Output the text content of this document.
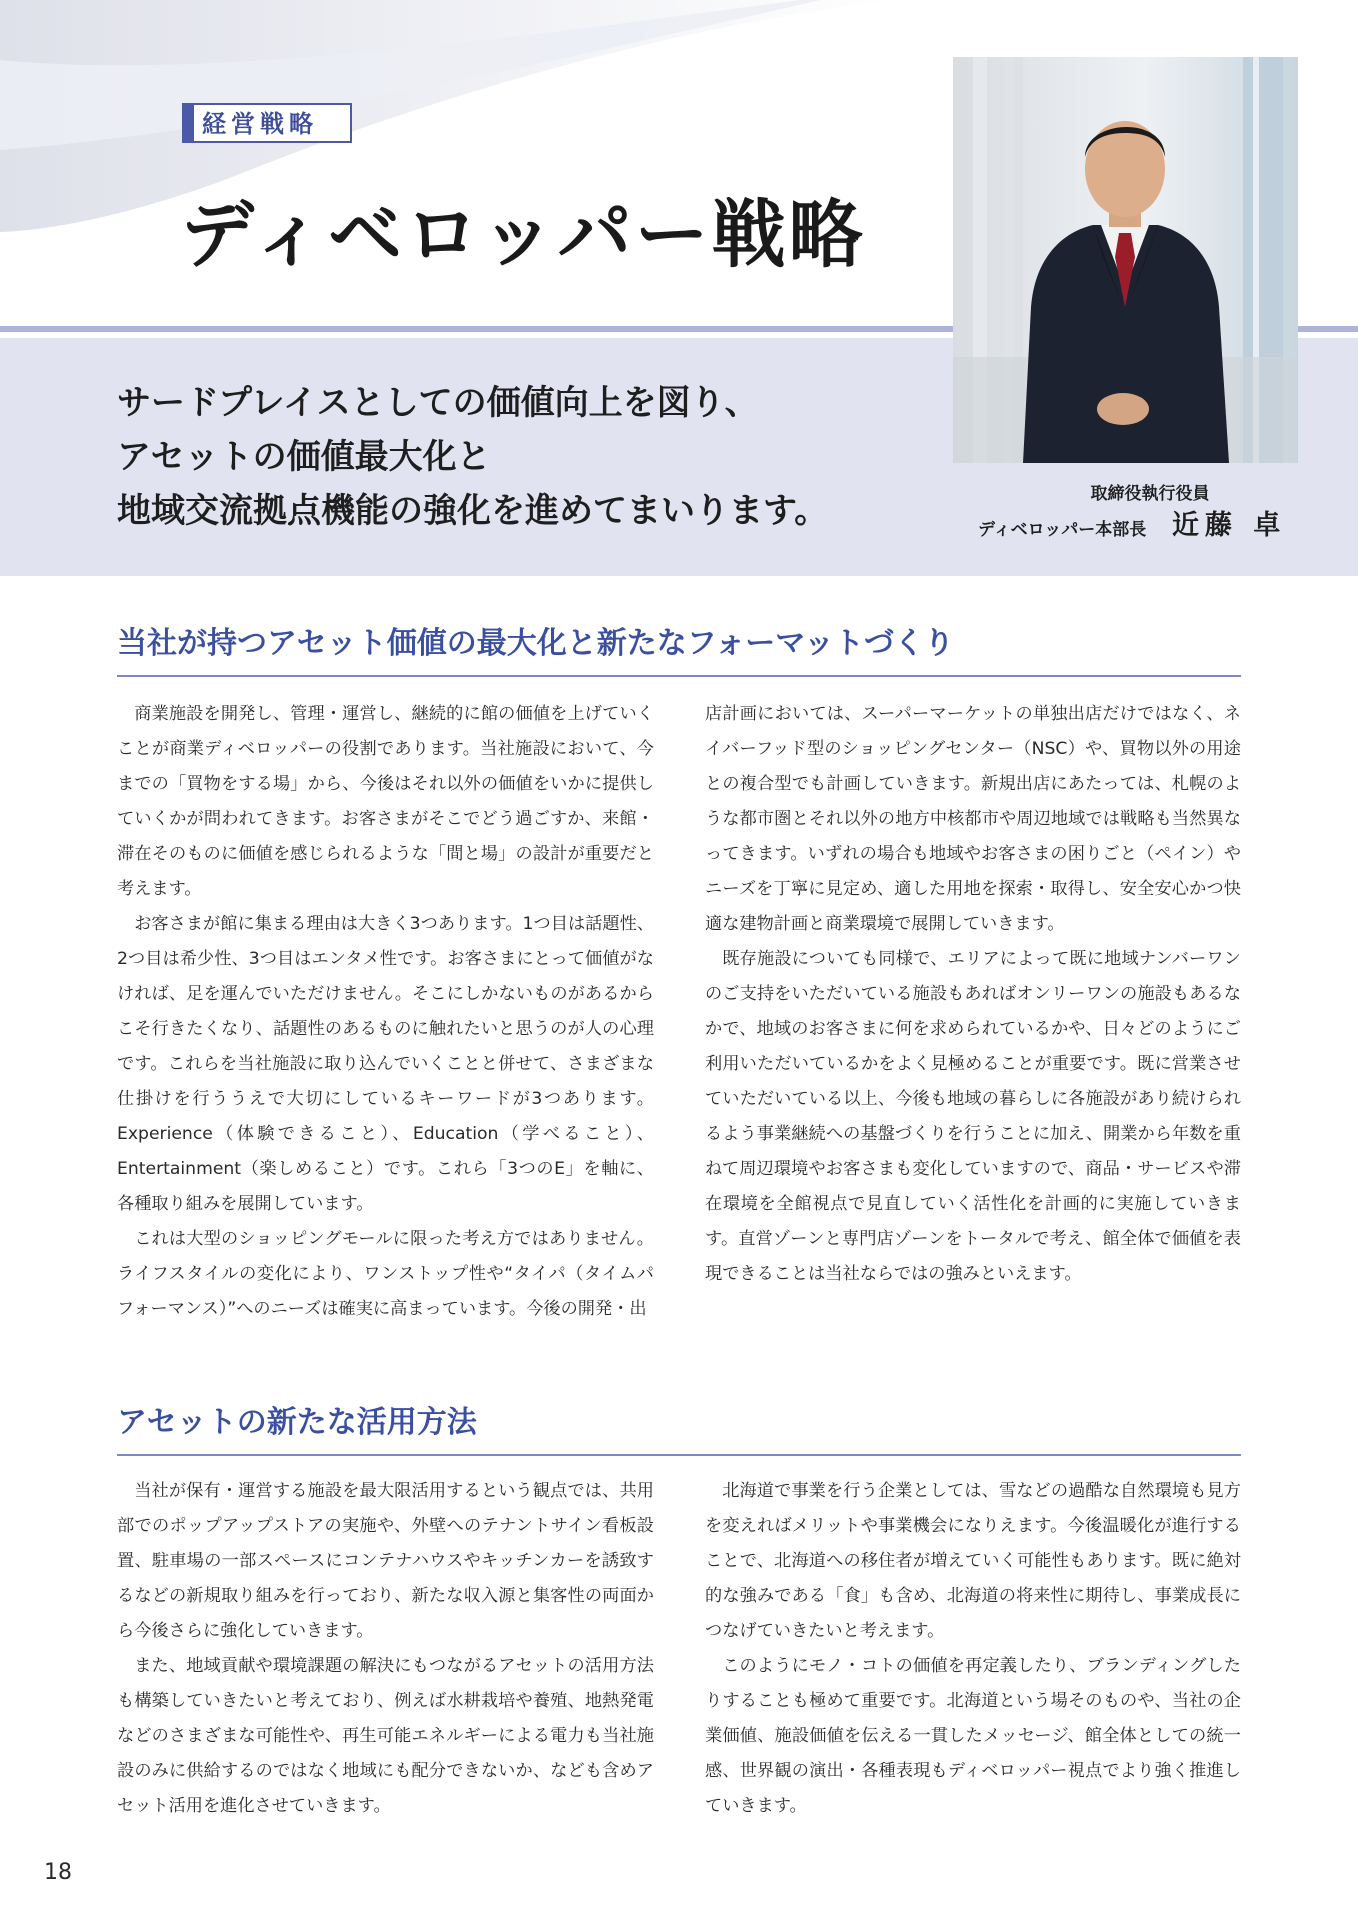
経営戦略
ディベロッパー戦略
サードプレイスとしての価値向上を図り、
アセットの価値最大化と
地域交流拠点機能の強化を進めてまいります。	取締役執行役員
ディベロッパー本部長 近藤 卓
当社が持つアセット価値の最大化と新たなフォーマットづくり

商業施設を開発し、管理・運営し、継続的に館の価値を上げていくことが商業ディベロッパーの役割であります。当社施設において、今までの「買物をする場」から、今後はそれ以外の価値をいかに提供していくかが問われてきます。お客さまがそこでどう過ごすか、来館・滞在そのものに価値を感じられるような「間と場」の設計が重要だと考えます。

お客さまが館に集まる理由は大きく3つあります。1つ目は話題性、2つ目は希少性、3つ目はエンタメ性です。お客さまにとって価値がなければ、足を運んでいただけません。そこにしかないものがあるからこそ行きたくなり、話題性のあるものに触れたいと思うのが人の心理です。これらを当社施設に取り込んでいくことと併せて、さまざまな仕掛けを行ううえで大切にしているキーワードが3つあります。Experience（体験できること）、Education（学べること）、Entertainment（楽しめること）です。これら「3つのE」を軸に、各種取り組みを展開しています。

これは大型のショッピングモールに限った考え方ではありません。ライフスタイルの変化により、ワンストップ性や“タイパ（タイムパフォーマンス）”へのニーズは確実に高まっています。今後の開発・出

店計画においては、スーパーマーケットの単独出店だけではなく、ネイバーフッド型のショッピングセンター（NSC）や、買物以外の用途との複合型でも計画していきます。新規出店にあたっては、札幌のような都市圏とそれ以外の地方中核都市や周辺地域では戦略も当然異なってきます。いずれの場合も地域やお客さまの困りごと（ペイン）やニーズを丁寧に見定め、適した用地を探索・取得し、安全安心かつ快適な建物計画と商業環境で展開していきます。

既存施設についても同様で、エリアによって既に地域ナンバーワンのご支持をいただいている施設もあればオンリーワンの施設もあるなかで、地域のお客さまに何を求められているかや、日々どのようにご利用いただいているかをよく見極めることが重要です。既に営業させていただいている以上、今後も地域の暮らしに各施設があり続けられるよう事業継続への基盤づくりを行うことに加え、開業から年数を重ねて周辺環境やお客さまも変化していますので、商品・サービスや滞在環境を全館視点で見直していく活性化を計画的に実施していきます。直営ゾーンと専門店ゾーンをトータルで考え、館全体で価値を表現できることは当社ならではの強みといえます。

アセットの新たな活用方法

当社が保有・運営する施設を最大限活用するという観点では、共用部でのポップアップストアの実施や、外壁へのテナントサイン看板設置、駐車場の一部スペースにコンテナハウスやキッチンカーを誘致するなどの新規取り組みを行っており、新たな収入源と集客性の両面から今後さらに強化していきます。

また、地域貢献や環境課題の解決にもつながるアセットの活用方法も構築していきたいと考えており、例えば水耕栽培や養殖、地熱発電などのさまざまな可能性や、再生可能エネルギーによる電力も当社施設のみに供給するのではなく地域にも配分できないか、なども含めアセット活用を進化させていきます。

北海道で事業を行う企業としては、雪などの過酷な自然環境も見方を変えればメリットや事業機会になりえます。今後温暖化が進行することで、北海道への移住者が増えていく可能性もあります。既に絶対的な強みである「食」も含め、北海道の将来性に期待し、事業成長につなげていきたいと考えます。

このようにモノ・コトの価値を再定義したり、ブランディングしたりすることも極めて重要です。北海道という場そのものや、当社の企業価値、施設価値を伝える一貫したメッセージ、館全体としての統一感、世界観の演出・各種表現もディベロッパー視点でより強く推進していきます。

18
